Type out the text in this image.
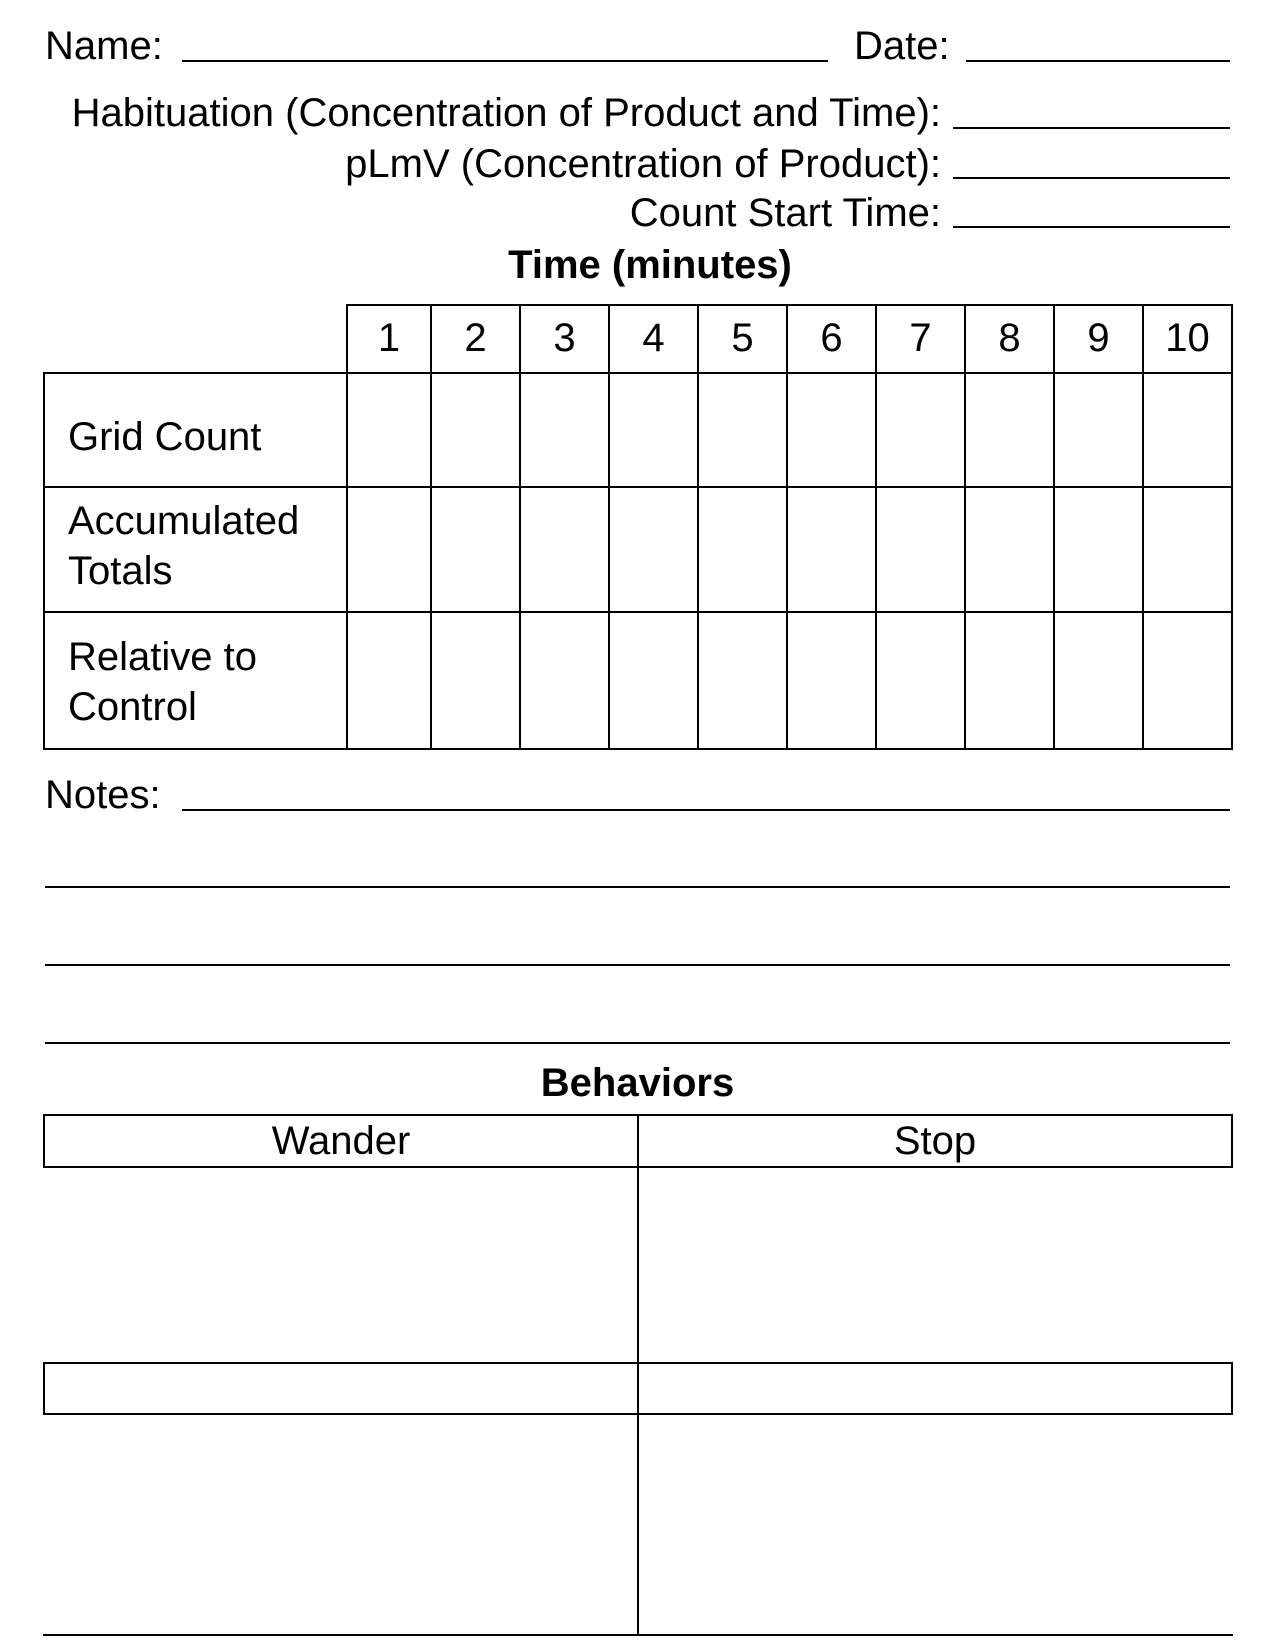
Name:	Date:
Habituation (Concentration of Product and Time):
pLmV (Concentration of Product):
Count Start Time:
Time (minutes)
1	2	3	4	5	6	7	8	9	10
Grid Count
Accumulated Totals
Relative to Control
Notes:
Behaviors
Wander	Stop
